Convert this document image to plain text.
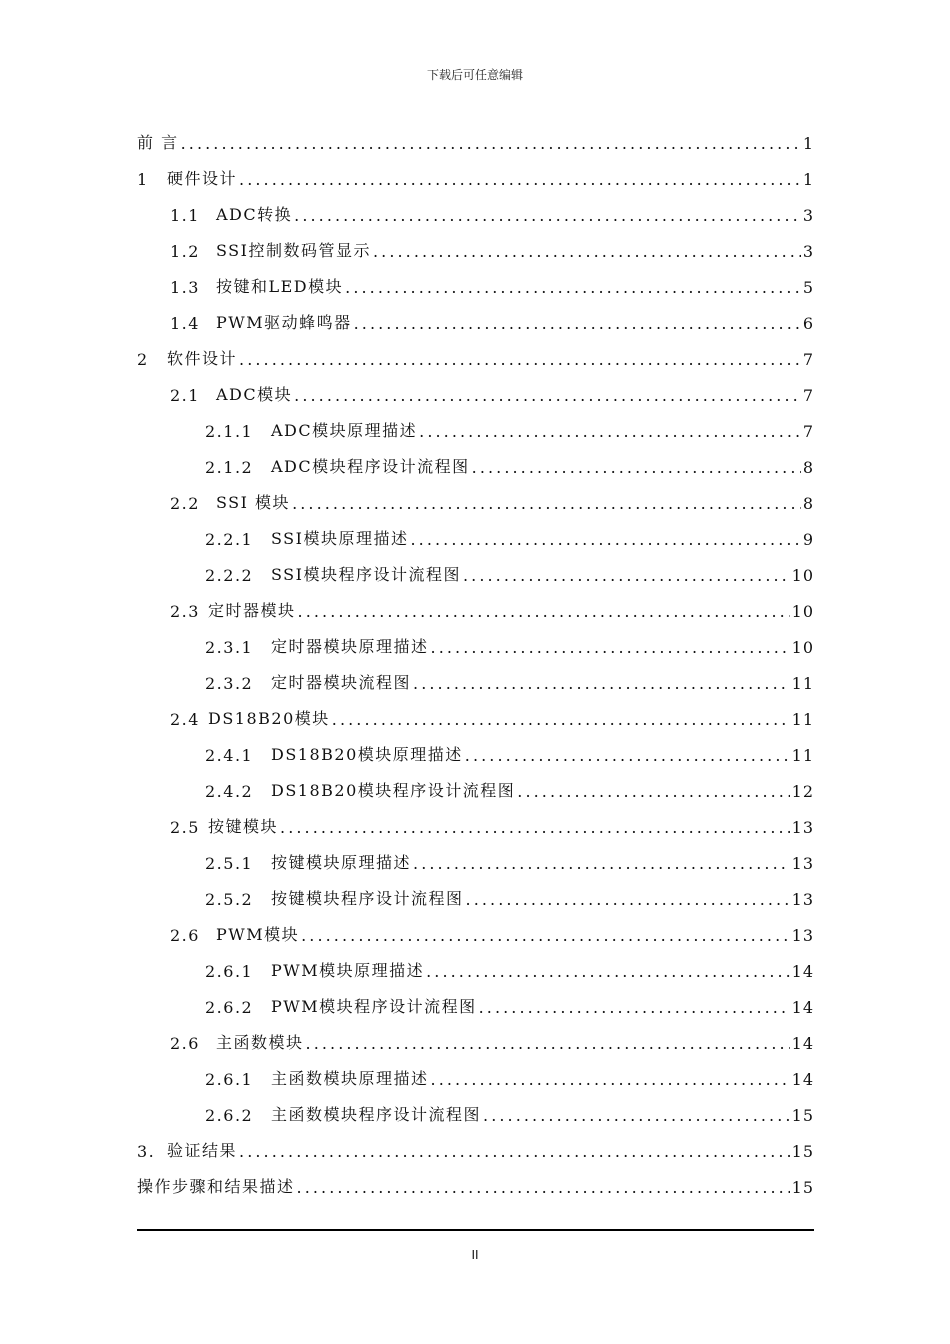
下载后可任意编辑
前 言 . . .	1
1	硬件设计 . . .	1
1.1	ADC转换 . . .	3
1.2	SSI控制数码管显示 . . .	3
1.3	按键和LED模块 . . .	5
1.4	PWM驱动蜂鸣器 . . .	6
2	软件设计 . . .	7
2.1	ADC模块 . . .	7
2.1.1	ADC模块原理描述 . . .	7
2.1.2	ADC模块程序设计流程图 . . .	8
2.2	SSI 模块 . . .	8
2.2.1	SSI模块原理描述 . . .	9
2.2.2	SSI模块程序设计流程图 . . .	10
2.3 定时器模块 . . .	10
2.3.1	定时器模块原理描述 . . .	10
2.3.2	定时器模块流程图 . . .	11
2.4 DS18B20模块 . . .	11
2.4.1	DS18B20模块原理描述 . . .	11
2.4.2	DS18B20模块程序设计流程图 . . .	12
2.5 按键模块 . . .	13
2.5.1	按键模块原理描述 . . .	13
2.5.2	按键模块程序设计流程图 . . .	13
2.6	PWM模块 . . .	13
2.6.1	PWM模块原理描述 . . .	14
2.6.2	PWM模块程序设计流程图 . . .	14
2.6	主函数模块 . . .	14
2.6.1	主函数模块原理描述 . . .	14
2.6.2	主函数模块程序设计流程图 . . .	15
3. 验证结果 . . .	15
操作步骤和结果描述 . . .	15
II
